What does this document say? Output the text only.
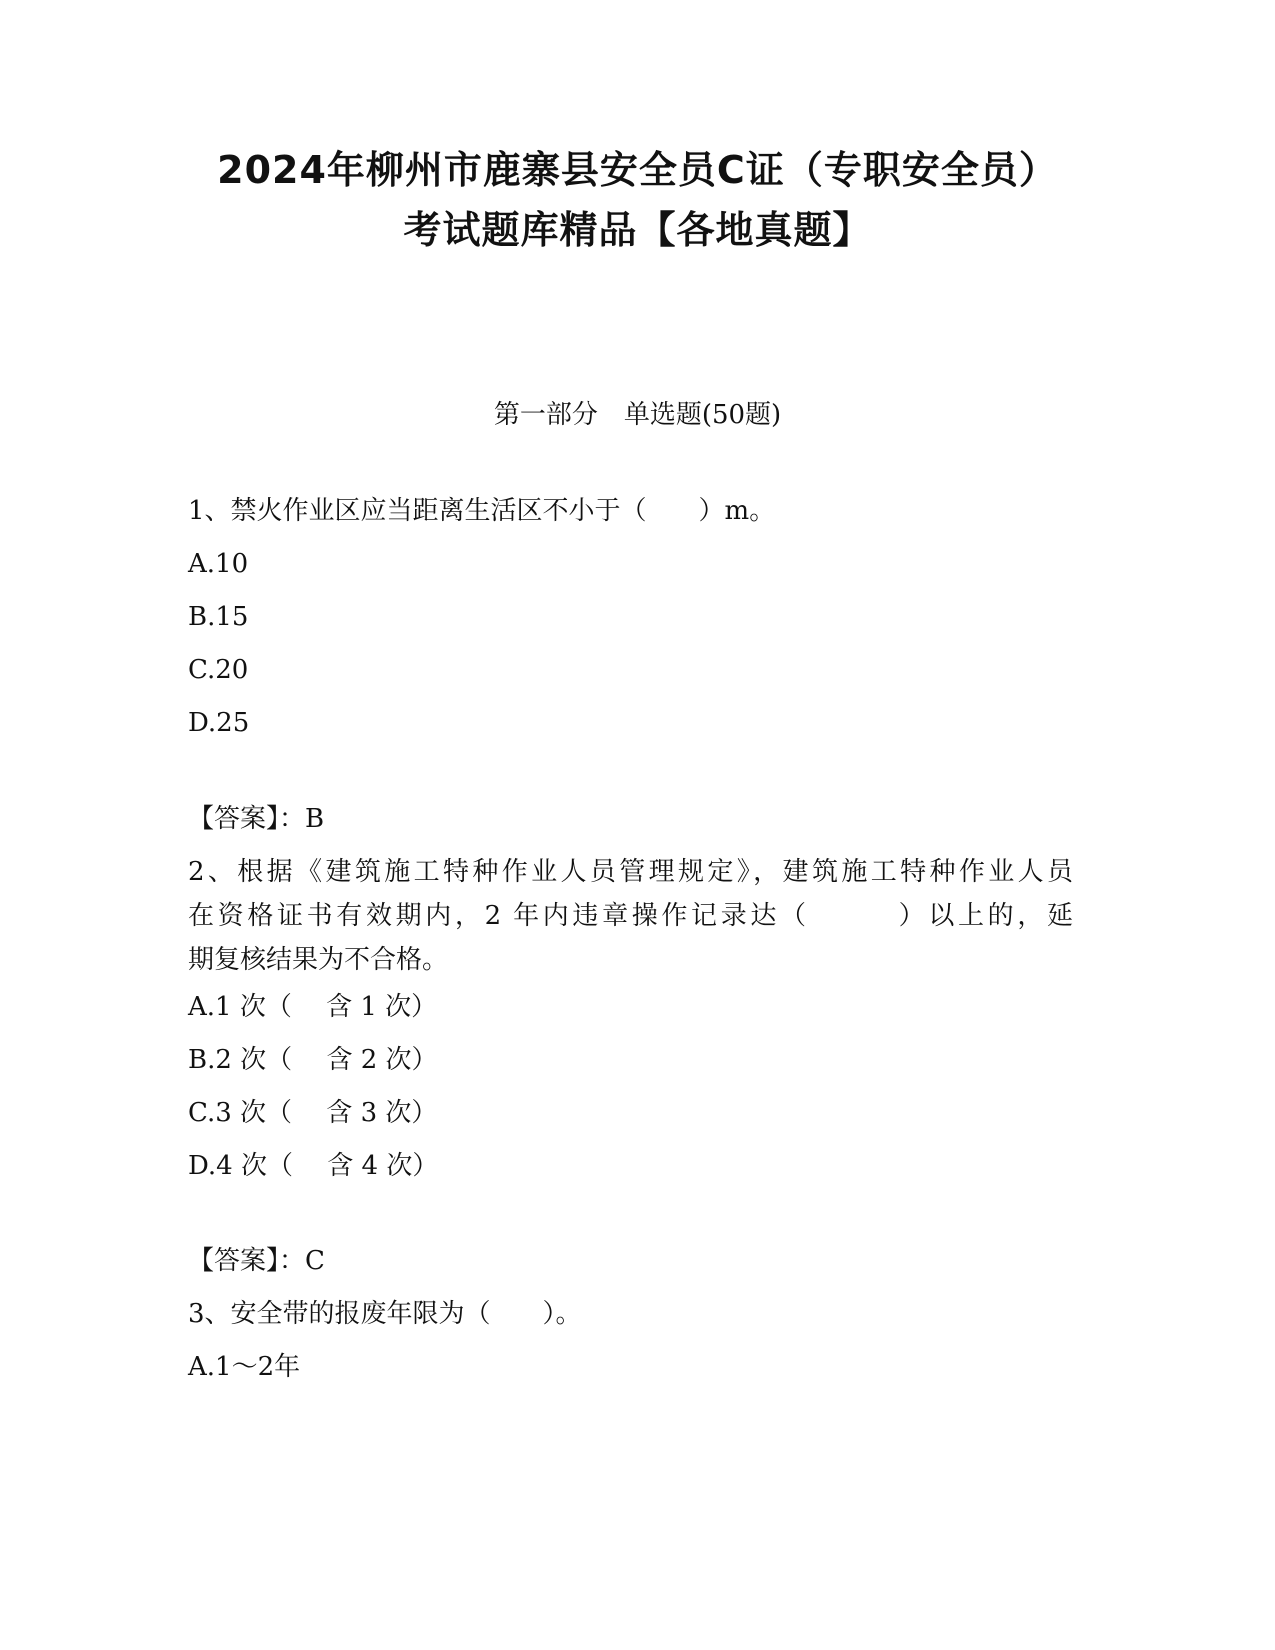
2024年柳州市鹿寨县安全员C证（专职安全员）
考试题库精品【各地真题】
第一部分　单选题(50题)
1、禁火作业区应当距离生活区不小于（　　）m。
A.10
B.15
C.20
D.25
【答案】：B
2、根据《建筑施工特种作业人员管理规定》，建筑施工特种作业人员
在资格证书有效期内，2 年内违章操作记录达（　　　）以上的，延
期复核结果为不合格。
A.1 次（　 含 1 次）
B.2 次（　 含 2 次）
C.3 次（　 含 3 次）
D.4 次（　 含 4 次）
【答案】：C
3、安全带的报废年限为（　　）。
A.1～2年
